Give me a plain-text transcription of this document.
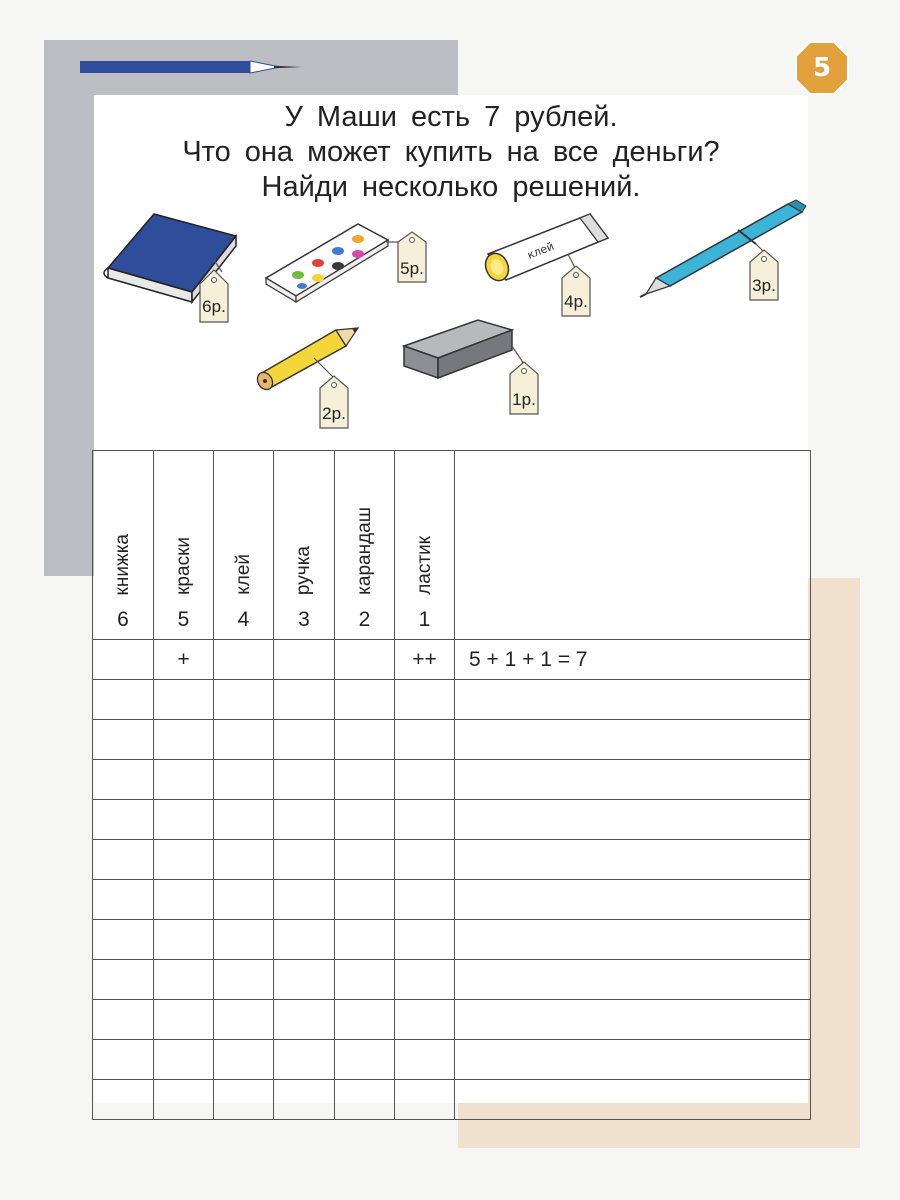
5
У Маши есть 7 рублей.
Что она может купить на все деньги?
Найди несколько решений.
6р.
5р.
клей
4р.
3р.
2р.
1р.
книжка	краски	клей	ручка	карандаш	ластик	
6	5	4	3	2	1	
	+				++	5 + 1 + 1 = 7
